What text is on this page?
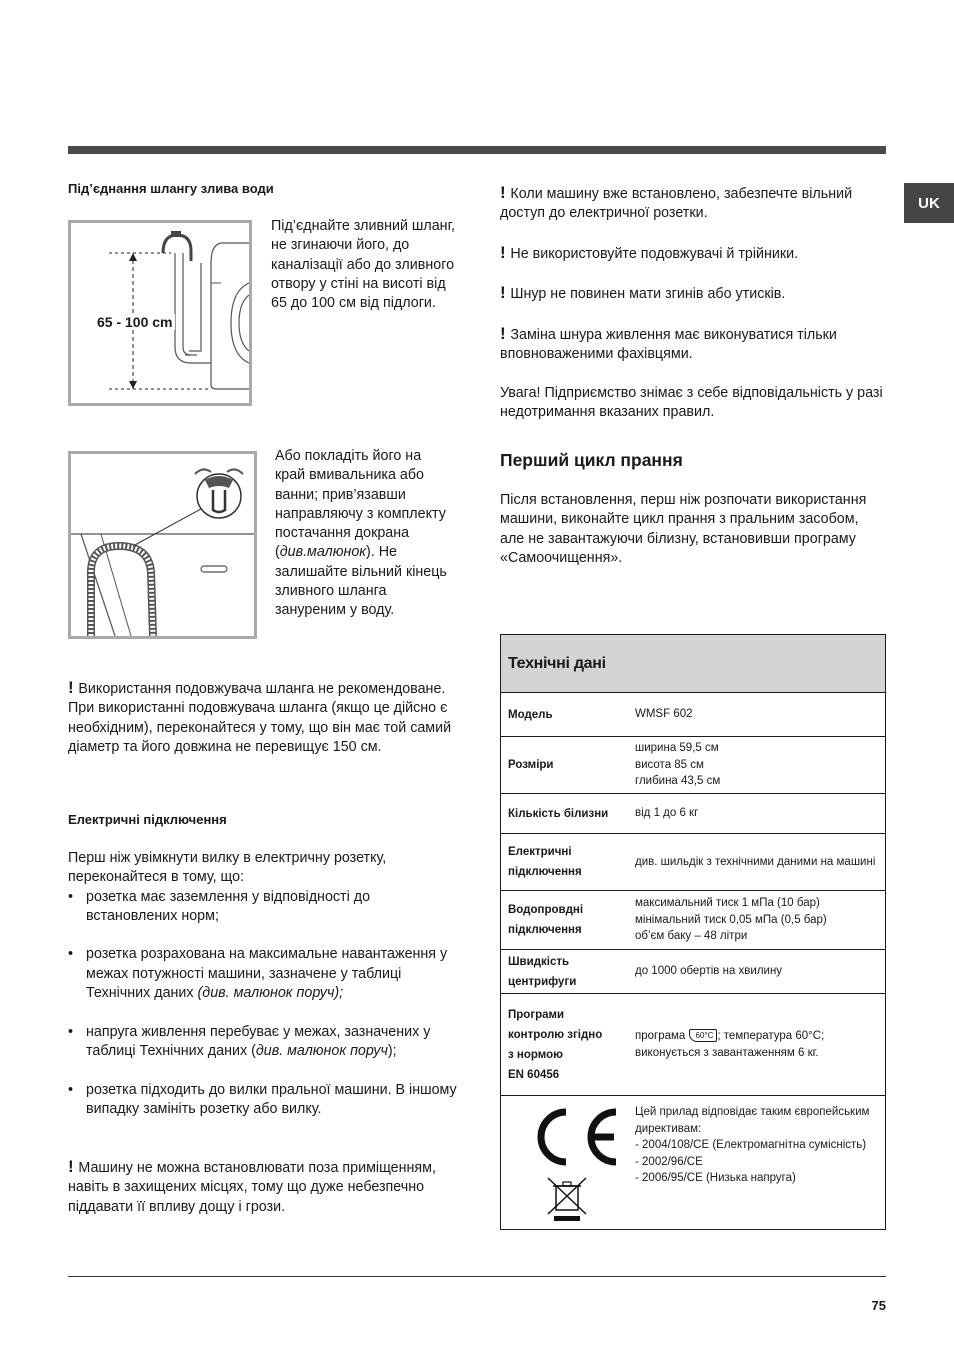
UK
Під’єднання шлангу злива води
65 - 100 cm
Під’єднайте зливний шланг, не згинаючи його, до каналізації або до зливного отвору у стіні на висоті від 65 до 100 см від підлоги.
Або покладіть його на край вмивальника або ванни; прив’язавши направляючу з комплекту постачання докрана (див.малюнок). Не залишайте вільний кінець зливного шланга зануреним у воду.
! Використання подовжувача шланга не рекомендоване. При використанні подовжувача шланга (якщо це дійсно є необхідним), переконайтеся у тому, що він має той самий діаметр та його довжина не перевищує 150 см.
Електричні підключення

Перш ніж увімкнути вилку в електричну розетку, переконайтеся в тому, що:

• розетка має заземлення у відповідності до встановлених норм;
• розетка розрахована на максимальне навантаження у межах потужності машини, зазначене у таблиці Технічних даних (див. малюнок поруч);
• напруга живлення перебуває у межах, зазначених у таблиці Технічних даних (див. малюнок поруч);
• розетка підходить до вилки пральної машини. В іншому випадку замініть розетку або вилку.
! Машину не можна встановлювати поза приміщенням, навіть в захищених місцях, тому що дуже небезпечно піддавати її впливу дощу і грози.

! Коли машину вже встановлено, забезпечте вільний доступ до електричної розетки.

! Не використовуйте подовжувачі й трійники.

! Шнур не повинен мати згинів або утисків.

! Заміна шнура живлення має виконуватися тільки вповноваженими фахівцями.

Увага! Підприємство знімає з себе відповідальність у разі недотримання вказаних правил.

Перший цикл прання
Після встановлення, перш ніж розпочати використання машини, виконайте цикл прання з пральним засобом, але не завантажуючи білизну, встановивши програму «Самоочищення».
Технічні дані
Модель	WMSF 602
Розміри
ширина 59,5 см
висота 85 см
глибина 43,5 см
Кількість білизни	від 1 до 6 кг
Електричні
підключення
див. шильдік з технічними даними на машині
Водопровдні
підключення
максимальний тиск 1 мПа (10 бар)
мінімальний тиск 0,05 мПа (0,5 бар)
об’єм баку – 48 літри
Швидкість
центрифуги
до 1000 обертів на хвилину
Програми
контролю згідно
з нормою
EN 60456
програма 60°C ; температура 60°C; виконується з завантаженням 6 кг.
Цей прилад відповідає таким європейським директивам:
- 2004/108/CE (Електромагнітна сумісність)
- 2002/96/CE
- 2006/95/CE (Низька напруга)
75
